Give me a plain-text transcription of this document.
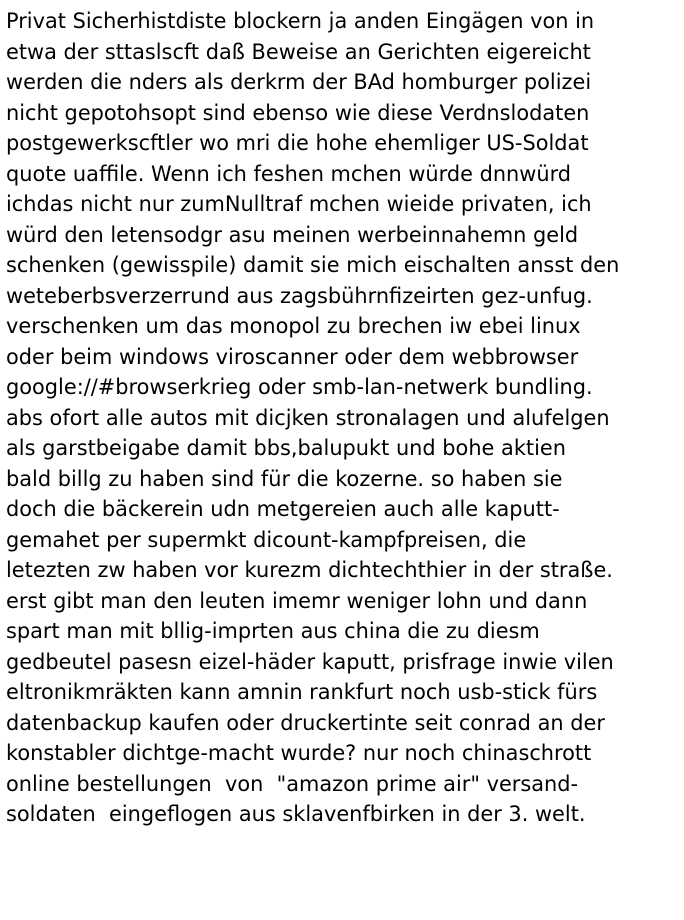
Privat Sicherhistdiste blockern ja anden Eingägen von in etwa der sttaslscft daß Beweise an Gerichten eigereicht werden die nders als derkrm der BAd homburger polizei nicht gepotohsopt sind ebenso wie diese Verdnslodaten postgewerkscftler wo mri die hohe ehemliger US-Soldat quote uaffile. Wenn ich feshen mchen würde dnnwürd ichdas nicht nur zumNulltraf mchen wieide privaten, ich würd den letensodgr asu meinen werbeinnahemn geld schenken (gewisspile) damit sie mich eischalten ansst den weteberbsverzerrund aus zagsbührnfizeirten gez-unfug. verschenken um das monopol zu brechen iw ebei linux oder beim windows viroscanner oder dem webbrowser google://#browserkrieg oder smb-lan-netwerk bundling. abs ofort alle autos mit dicjken stronalagen und alufelgen als garstbeigabe damit bbs,balupukt und bohe aktien bald billg zu haben sind für die kozerne. so haben sie doch die bäckerein udn metgereien auch alle kaputt- gemahet per supermkt dicount-kampfpreisen, die letezten zw haben vor kurezm dichtechthier in der straße. erst gibt man den leuten imemr weniger lohn und dann spart man mit bllig-imprten aus china die zu diesm gedbeutel pasesn eizel-häder kaputt, prisfrage inwie vilen eltronikmräkten kann amnin rankfurt noch usb-stick fürs datenbackup kaufen oder druckertinte seit conrad an der konstabler dichtge-macht wurde? nur noch chinaschrott online bestellungen  von  "amazon prime air" versand- soldaten  eingeflogen aus sklavenfbirken in der 3. welt.
